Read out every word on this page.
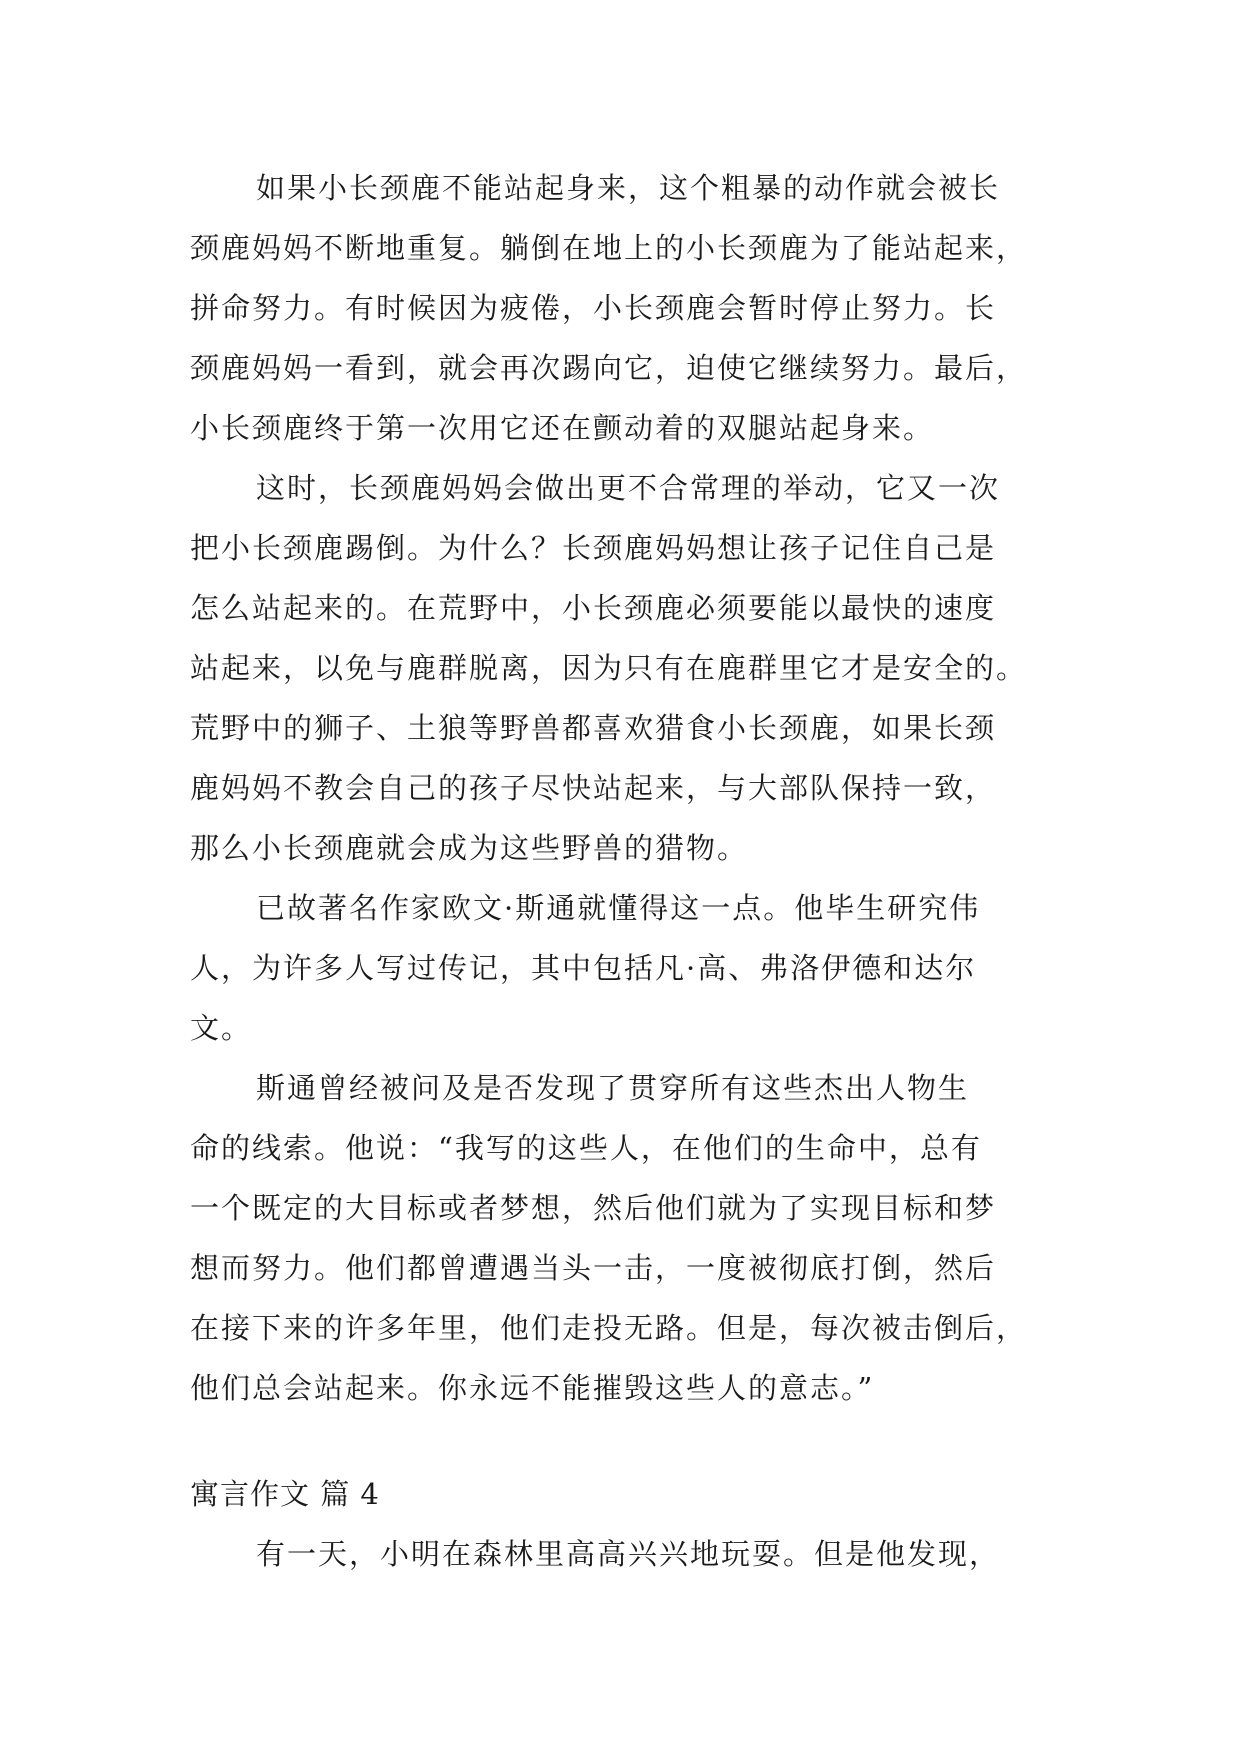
如果小长颈鹿不能站起身来，这个粗暴的动作就会被长
颈鹿妈妈不断地重复。躺倒在地上的小长颈鹿为了能站起来，
拼命努力。有时候因为疲倦，小长颈鹿会暂时停止努力。长
颈鹿妈妈一看到，就会再次踢向它，迫使它继续努力。最后，
小长颈鹿终于第一次用它还在颤动着的双腿站起身来。
这时，长颈鹿妈妈会做出更不合常理的举动，它又一次
把小长颈鹿踢倒。为什么？长颈鹿妈妈想让孩子记住自己是
怎么站起来的。在荒野中，小长颈鹿必须要能以最快的速度
站起来，以免与鹿群脱离，因为只有在鹿群里它才是安全的。
荒野中的狮子、土狼等野兽都喜欢猎食小长颈鹿，如果长颈
鹿妈妈不教会自己的孩子尽快站起来，与大部队保持一致，
那么小长颈鹿就会成为这些野兽的猎物。
已故著名作家欧文·斯通就懂得这一点。他毕生研究伟
人，为许多人写过传记，其中包括凡·高、弗洛伊德和达尔
文。
斯通曾经被问及是否发现了贯穿所有这些杰出人物生
命的线索。他说：“我写的这些人，在他们的生命中，总有
一个既定的大目标或者梦想，然后他们就为了实现目标和梦
想而努力。他们都曾遭遇当头一击，一度被彻底打倒，然后
在接下来的许多年里，他们走投无路。但是，每次被击倒后，
他们总会站起来。你永远不能摧毁这些人的意志。”
寓言作文 篇 4
有一天，小明在森林里高高兴兴地玩耍。但是他发现，
